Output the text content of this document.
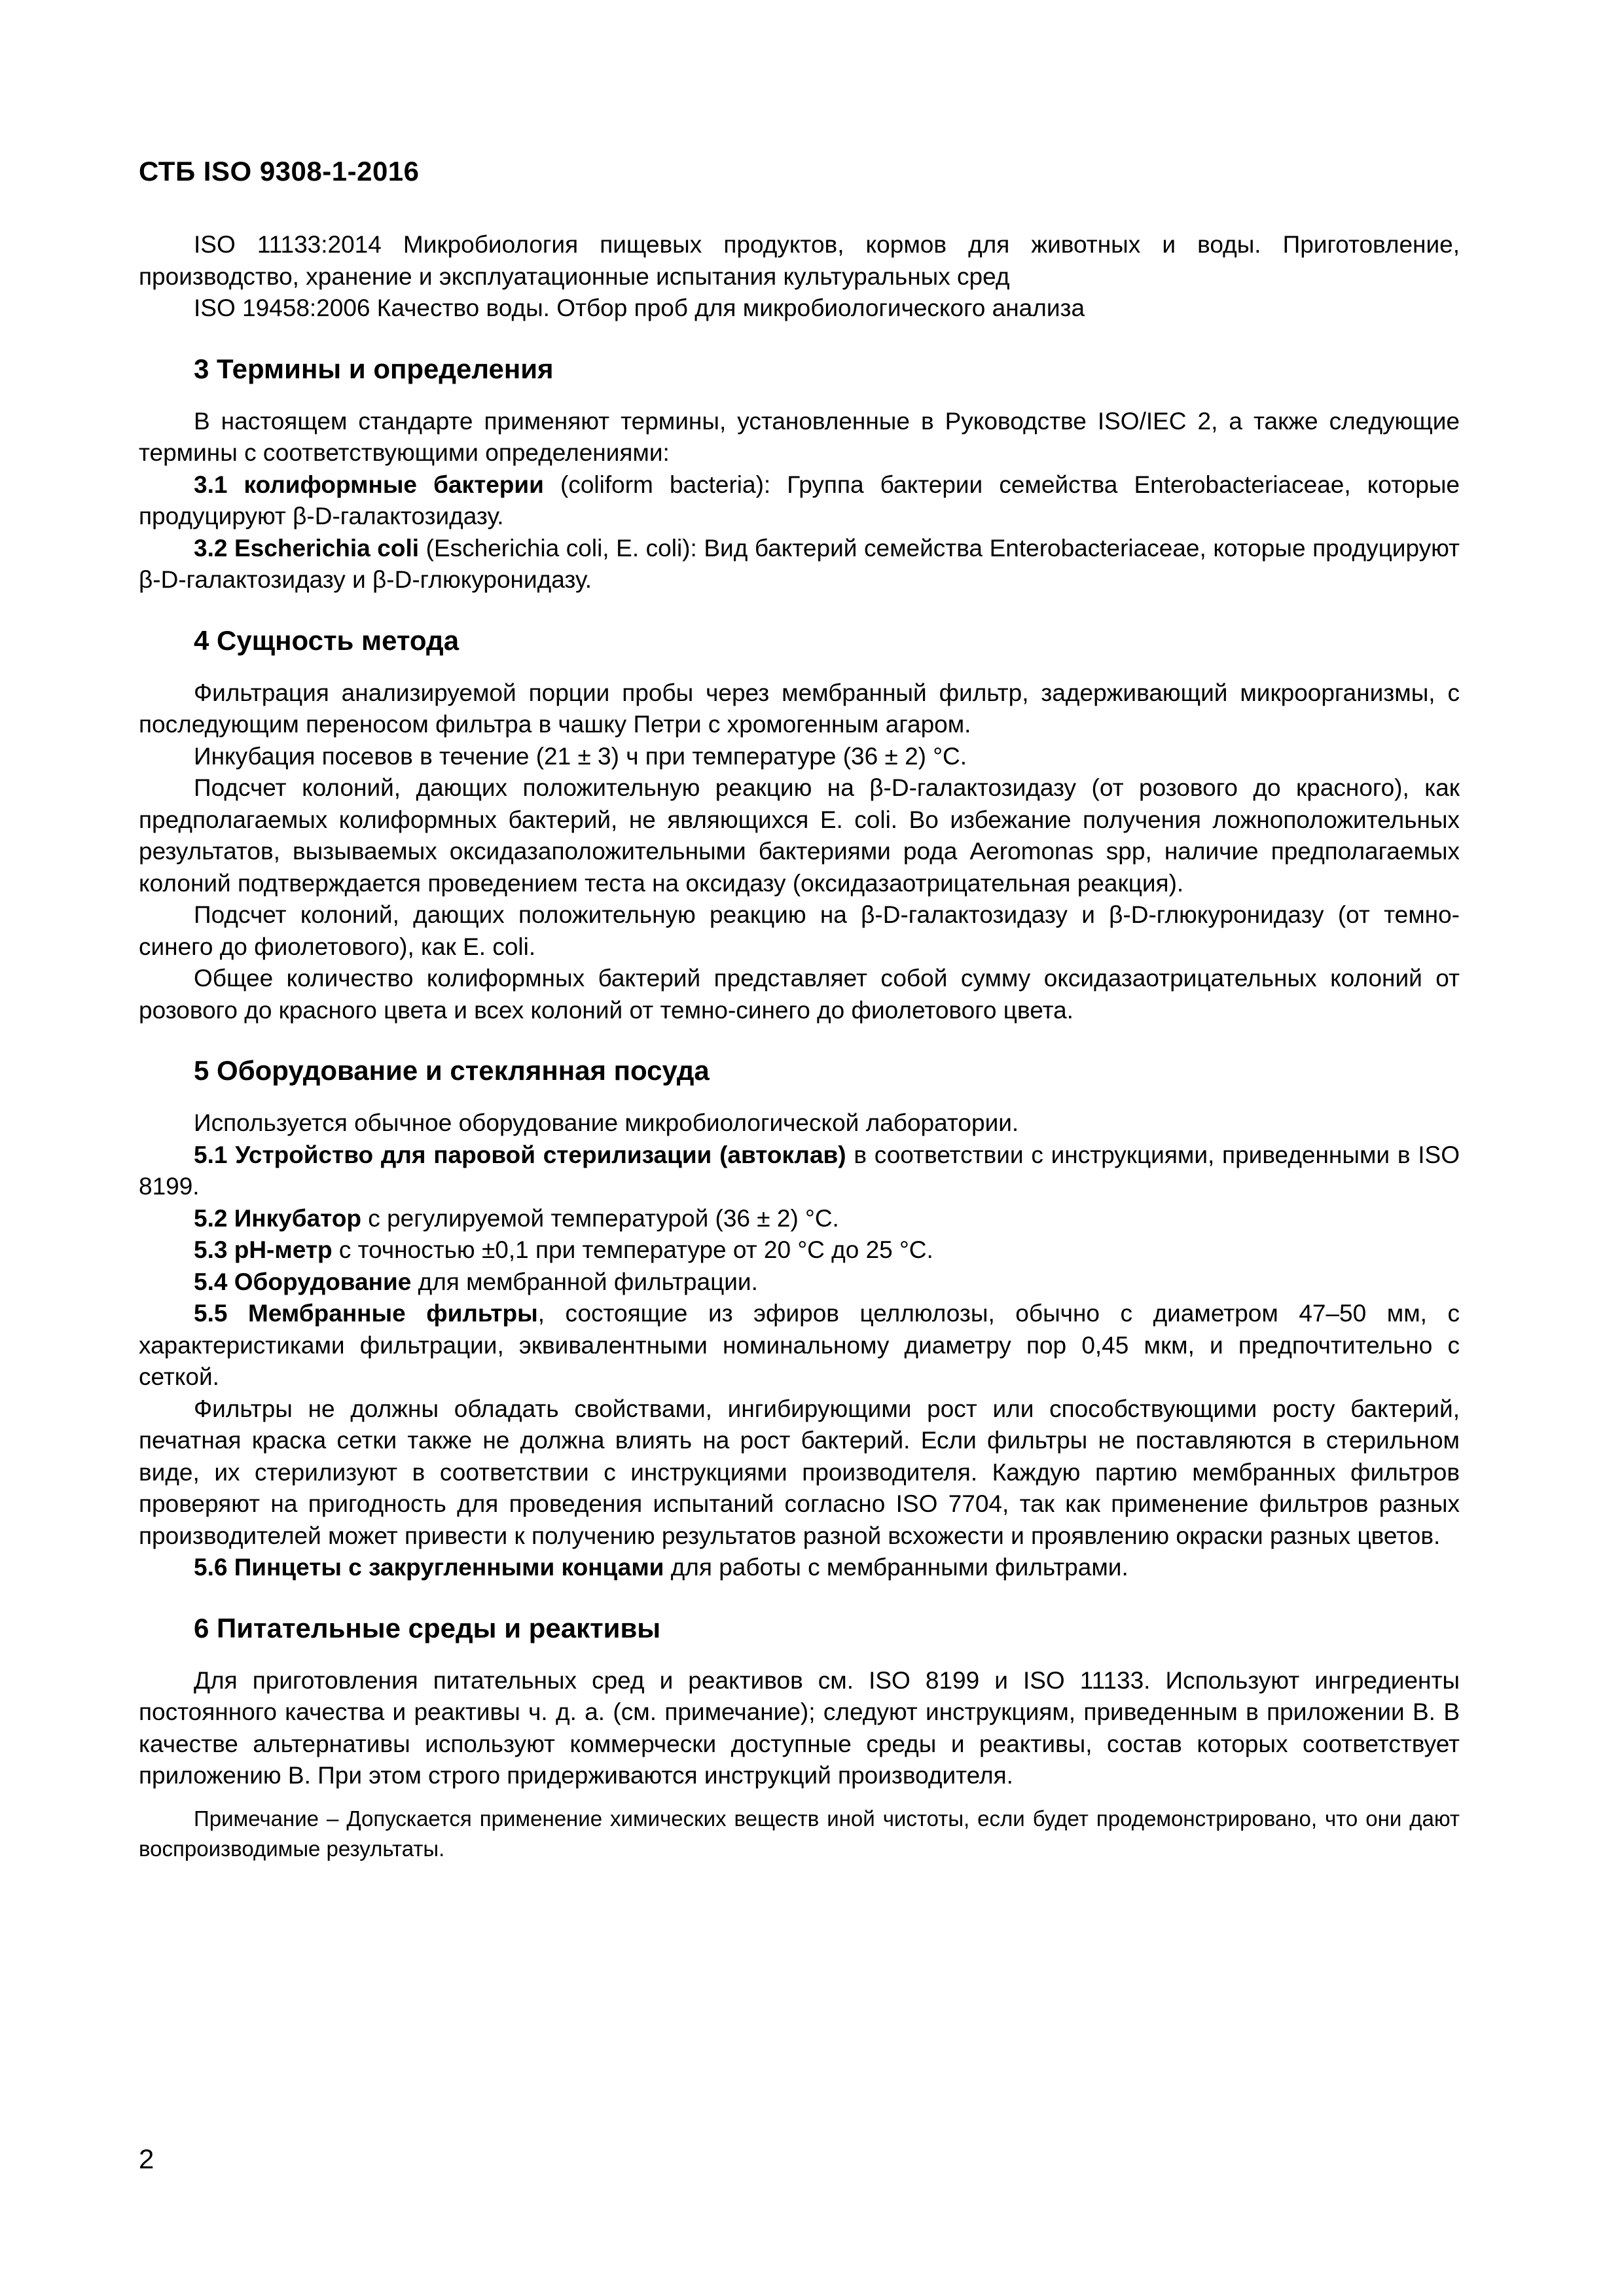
СТБ ISO 9308-1-2016

ISO 11133:2014 Микробиология пищевых продуктов, кормов для животных и воды. Приготовление, производство, хранение и эксплуатационные испытания культуральных сред

ISO 19458:2006 Качество воды. Отбор проб для микробиологического анализа

3 Термины и определения

В настоящем стандарте применяют термины, установленные в Руководстве ISO/IEC 2, а также следующие термины с соответствующими определениями:

3.1 колиформные бактерии (coliform bacteria): Группа бактерии семейства Enterobacteriaceae, которые продуцируют β-D-галактозидазу.

3.2 Escherichia coli (Escherichia coli, E. coli): Вид бактерий семейства Enterobacteriaceae, которые продуцируют β-D-галактозидазу и β-D-глюкуронидазу.

4 Сущность метода

Фильтрация анализируемой порции пробы через мембранный фильтр, задерживающий микроорганизмы, с последующим переносом фильтра в чашку Петри с хромогенным агаром.

Инкубация посевов в течение (21 ± 3) ч при температуре (36 ± 2) °С.

Подсчет колоний, дающих положительную реакцию на β-D-галактозидазу (от розового до красного), как предполагаемых колиформных бактерий, не являющихся E. coli. Во избежание получения ложноположительных результатов, вызываемых оксидазаположительными бактериями рода Aeromonas spp, наличие предполагаемых колоний подтверждается проведением теста на оксидазу (оксидазаотрицательная реакция).

Подсчет колоний, дающих положительную реакцию на β-D-галактозидазу и β-D-глюкуронидазу (от темно-синего до фиолетового), как E. coli.

Общее количество колиформных бактерий представляет собой сумму оксидазаотрицательных колоний от розового до красного цвета и всех колоний от темно-синего до фиолетового цвета.

5 Оборудование и стеклянная посуда

Используется обычное оборудование микробиологической лаборатории.

5.1 Устройство для паровой стерилизации (автоклав) в соответствии с инструкциями, приведенными в ISO 8199.

5.2 Инкубатор с регулируемой температурой (36 ± 2) °С.

5.3 рН-метр с точностью ±0,1 при температуре от 20 °С до 25 °С.

5.4 Оборудование для мембранной фильтрации.

5.5 Мембранные фильтры, состоящие из эфиров целлюлозы, обычно с диаметром 47–50 мм, с характеристиками фильтрации, эквивалентными номинальному диаметру пор 0,45 мкм, и предпочтительно с сеткой.

Фильтры не должны обладать свойствами, ингибирующими рост или способствующими росту бактерий, печатная краска сетки также не должна влиять на рост бактерий. Если фильтры не поставляются в стерильном виде, их стерилизуют в соответствии с инструкциями производителя. Каждую партию мембранных фильтров проверяют на пригодность для проведения испытаний согласно ISO 7704, так как применение фильтров разных производителей может привести к получению результатов разной всхожести и проявлению окраски разных цветов.

5.6 Пинцеты с закругленными концами для работы с мембранными фильтрами.

6 Питательные среды и реактивы

Для приготовления питательных сред и реактивов см. ISO 8199 и ISO 11133. Используют ингредиенты постоянного качества и реактивы ч. д. а. (см. примечание); следуют инструкциям, приведенным в приложении В. В качестве альтернативы используют коммерчески доступные среды и реактивы, состав которых соответствует приложению В. При этом строго придерживаются инструкций производителя.

Примечание – Допускается применение химических веществ иной чистоты, если будет продемонстрировано, что они дают воспроизводимые результаты.

2
